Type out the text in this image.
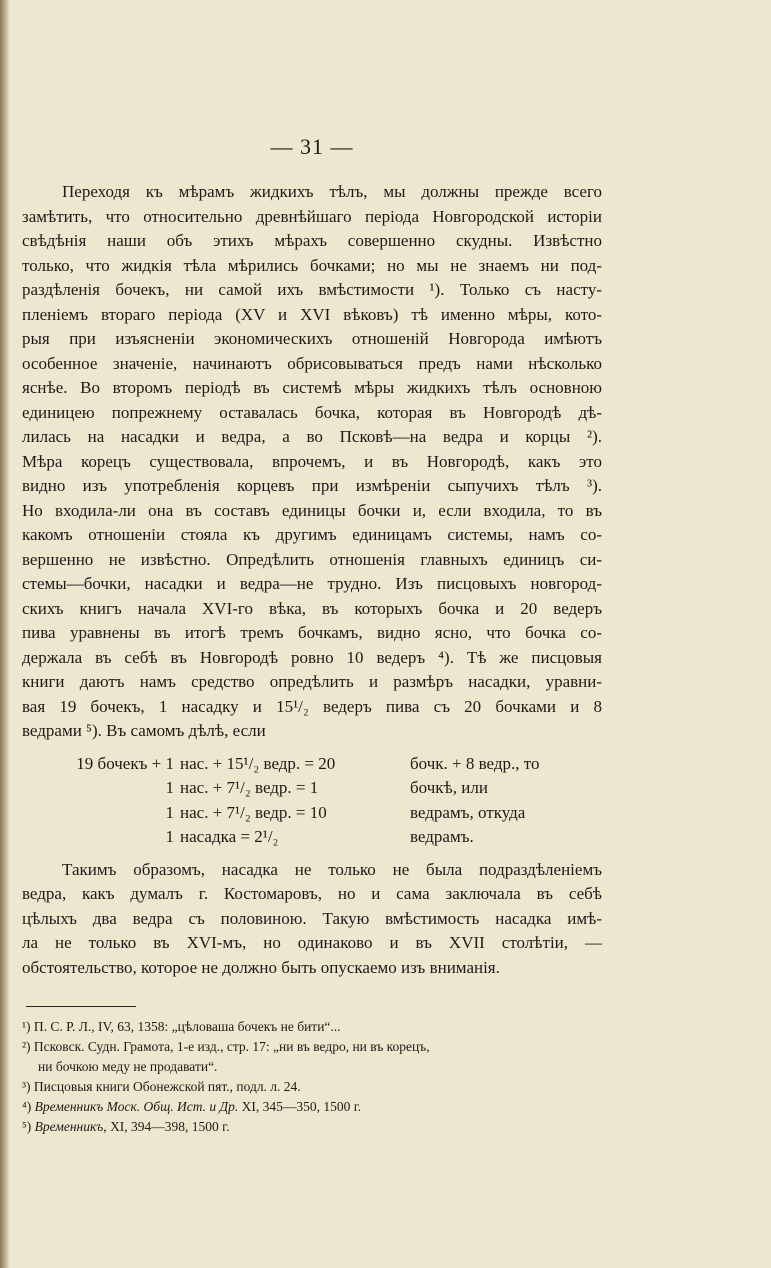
— 31 —
Переходя къ мѣрамъ жидкихъ тѣлъ, мы должны прежде всего
замѣтить, что относительно древнѣйшаго періода Новгородской исторіи
свѣдѣнія наши объ этихъ мѣрахъ совершенно скудны. Извѣстно
только, что жидкія тѣла мѣрились бочками; но мы не знаемъ ни под-
раздѣленія бочекъ, ни самой ихъ вмѣстимости ¹). Только съ насту-
пленіемъ втораго періода (XV и XVI вѣковъ) тѣ именно мѣры, кото-
рыя при изъясненіи экономическихъ отношеній Новгорода имѣютъ
особенное значеніе, начинаютъ обрисовываться предъ нами нѣсколько
яснѣе. Во второмъ періодѣ въ системѣ мѣры жидкихъ тѣлъ основною
единицею попрежнему оставалась бочка, которая въ Новгородѣ дѣ-
лилась на насадки и ведра, а во Псковѣ—на ведра и корцы ²).
Мѣра корецъ существовала, впрочемъ, и въ Новгородѣ, какъ это
видно изъ употребленія корцевъ при измѣреніи сыпучихъ тѣлъ ³).
Но входила-ли она въ составъ единицы бочки и, если входила, то въ
какомъ отношеніи стояла къ другимъ единицамъ системы, намъ со-
вершенно не извѣстно. Опредѣлить отношенія главныхъ единицъ си-
стемы—бочки, насадки и ведра—не трудно. Изъ писцовыхъ новгород-
скихъ книгъ начала XVI-го вѣка, въ которыхъ бочка и 20 ведеръ
пива уравнены въ итогѣ тремъ бочкамъ, видно ясно, что бочка со-
держала въ себѣ въ Новгородѣ ровно 10 ведеръ ⁴). Тѣ же писцовыя
книги даютъ намъ средство опредѣлить и размѣръ насадки, уравни-
вая 19 бочекъ, 1 насадку и 15¹/₂ ведеръ пива съ 20 бочками и 8
ведрами ⁵). Въ самомъ дѣлѣ, если
19 бочекъ + 1 нас. + 15¹/₂ ведр. = 20	бочк. + 8 ведр., то
1 нас. + 7¹/₂ ведр. = 1	бочкѣ, или
1 нас. + 7¹/₂ ведр. = 10	ведрамъ, откуда
1 насадка = 2¹/₂	ведрамъ.
Такимъ образомъ, насадка не только не была подраздѣленіемъ
ведра, какъ думалъ г. Костомаровъ, но и сама заключала въ себѣ
цѣлыхъ два ведра съ половиною. Такую вмѣстимость насадка имѣ-
ла не только въ XVI-мъ, но одинаково и въ XVII столѣтіи, —
обстоятельство, которое не должно быть опускаемо изъ вниманія.
¹) П. С. Р. Л., IV, 63, 1358: „цѣловаша бочекъ не бити“...
²) Псковск. Судн. Грамота, 1-е изд., стр. 17: „ни въ ведро, ни въ корецъ,
ни бочкою меду не продавати“.
³) Писцовыя книги Обонежской пят., подл. л. 24.
⁴) Временникъ Моск. Общ. Ист. и Др. XI, 345—350, 1500 г.
⁵) Временникъ, XI, 394—398, 1500 г.
